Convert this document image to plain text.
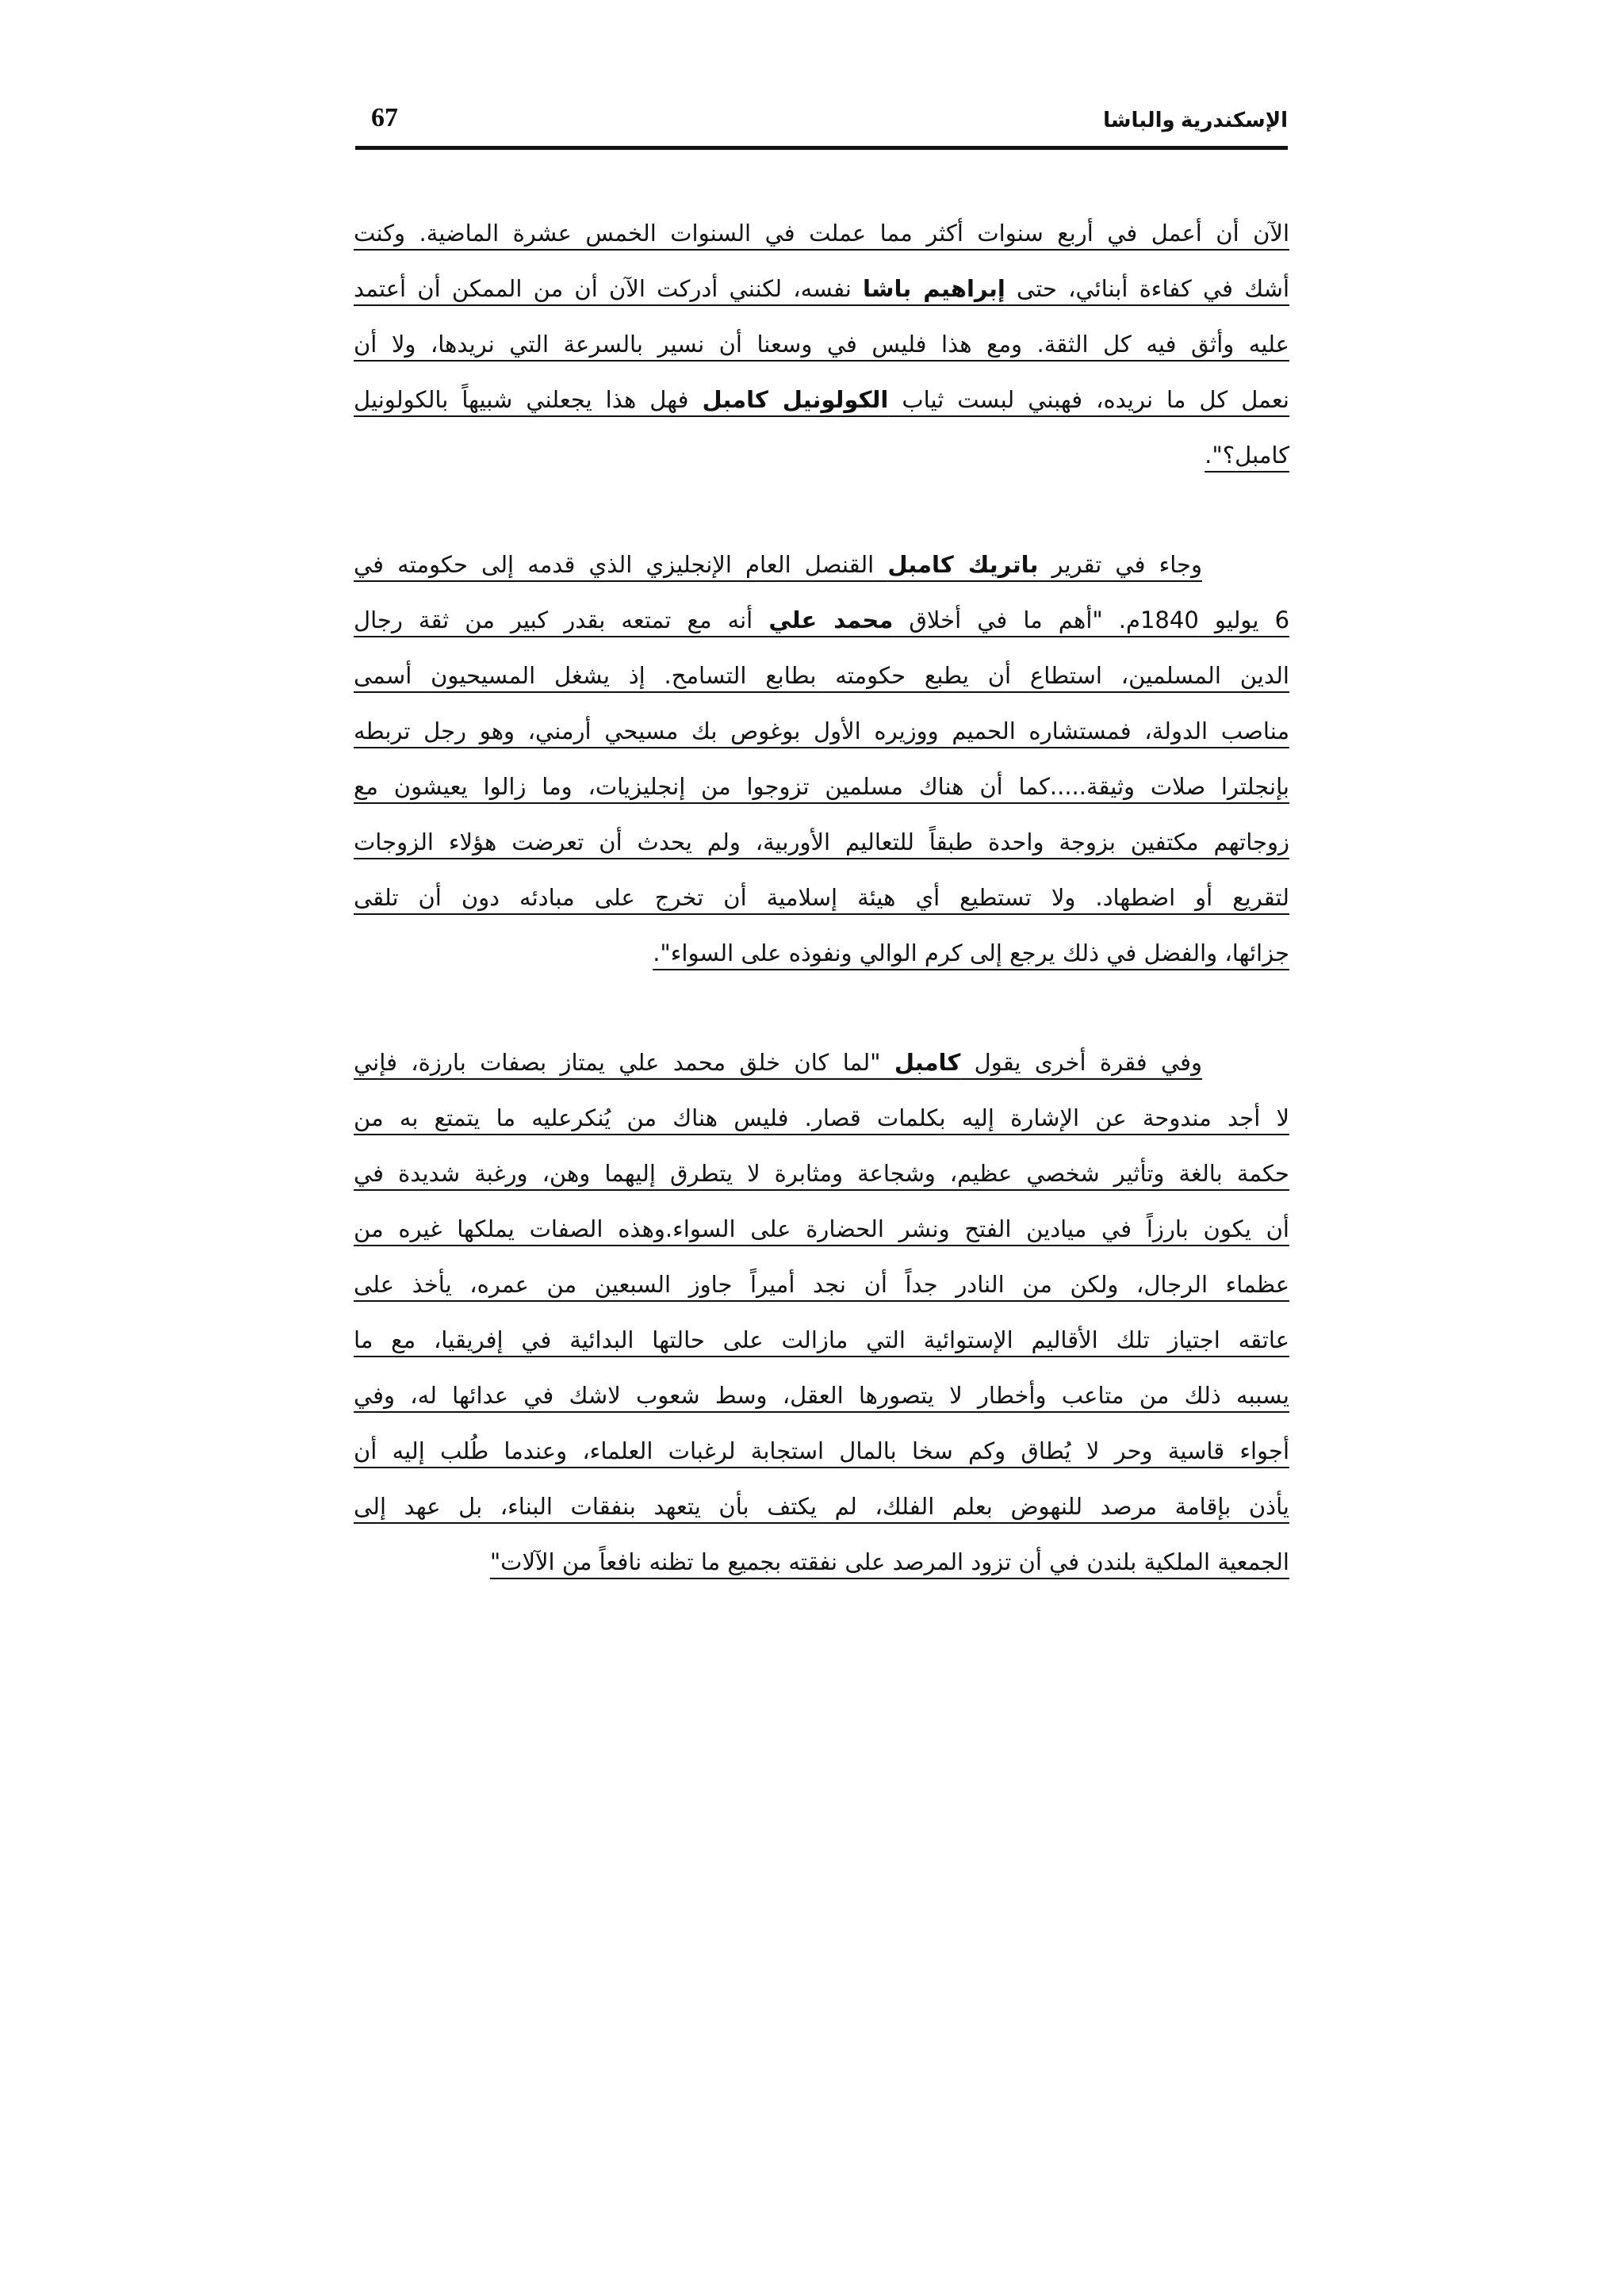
الإسكندرية والباشا
67
الآن أن أعمل في أربع سنوات أكثر مما عملت في السنوات الخمس عشرة الماضية. وكنت
أشك في كفاءة أبنائي، حتى إبراهيم باشا نفسه، لكنني أدركت الآن أن من الممكن أن أعتمد
عليه وأثق فيه كل الثقة. ومع هذا فليس في وسعنا أن نسير بالسرعة التي نريدها، ولا أن
نعمل كل ما نريده، فهبني لبست ثياب الكولونيل كامبل فهل هذا يجعلني شبيهاً بالكولونيل
كامبل؟".
وجاء في تقرير باتريك كامبل القنصل العام الإنجليزي الذي قدمه إلى حكومته في
6 يوليو 1840م. "أهم ما في أخلاق محمد علي أنه مع تمتعه بقدر كبير من ثقة رجال
الدين المسلمين، استطاع أن يطبع حكومته بطابع التسامح. إذ يشغل المسيحيون أسمى
مناصب الدولة، فمستشاره الحميم ووزيره الأول بوغوص بك مسيحي أرمني، وهو رجل تربطه
بإنجلترا صلات وثيقة.....كما أن هناك مسلمين تزوجوا من إنجليزيات، وما زالوا يعيشون مع
زوجاتهم مكتفين بزوجة واحدة طبقاً للتعاليم الأوربية، ولم يحدث أن تعرضت هؤلاء الزوجات
لتقريع أو اضطهاد. ولا تستطيع أي هيئة إسلامية أن تخرج على مبادئه دون أن تلقى
جزائها، والفضل في ذلك يرجع إلى كرم الوالي ونفوذه على السواء".
وفي فقرة أخرى يقول كامبل "لما كان خلق محمد علي يمتاز بصفات بارزة، فإني
لا أجد مندوحة عن الإشارة إليه بكلمات قصار. فليس هناك من يُنكرعليه ما يتمتع به من
حكمة بالغة وتأثير شخصي عظيم، وشجاعة ومثابرة لا يتطرق إليهما وهن، ورغبة شديدة في
أن يكون بارزاً في ميادين الفتح ونشر الحضارة على السواء.وهذه الصفات يملكها غيره من
عظماء الرجال، ولكن من النادر جداً أن نجد أميراً جاوز السبعين من عمره، يأخذ على
عاتقه اجتياز تلك الأقاليم الإستوائية التي مازالت على حالتها البدائية في إفريقيا، مع ما
يسببه ذلك من متاعب وأخطار لا يتصورها العقل، وسط شعوب لاشك في عدائها له، وفي
أجواء قاسية وحر لا يُطاق وكم سخا بالمال استجابة لرغبات العلماء، وعندما طُلب إليه أن
يأذن بإقامة مرصد للنهوض بعلم الفلك، لم يكتف بأن يتعهد بنفقات البناء، بل عهد إلى
الجمعية الملكية بلندن في أن تزود المرصد على نفقته بجميع ما تظنه نافعاً من الآلات"
